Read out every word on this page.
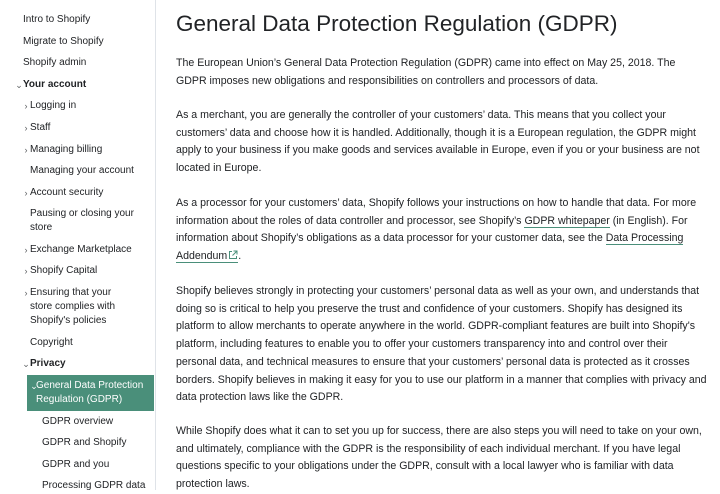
Intro to Shopify
Migrate to Shopify
Shopify admin
⌄ Your account
› Logging in
› Staff
› Managing billing
Managing your account
› Account security
Pausing or closing your store
› Exchange Marketplace
› Shopify Capital
› Ensuring that your store complies with Shopify's policies
Copyright
⌄ Privacy
⌄
General Data Protection Regulation (GDPR)
GDPR overview
GDPR and Shopify
GDPR and you
Processing GDPR data
General Data Protection Regulation (GDPR)

The European Union’s General Data Protection Regulation (GDPR) came into effect on May 25, 2018. The GDPR imposes new obligations and responsibilities on controllers and processors of data.

As a merchant, you are generally the controller of your customers’ data. This means that you collect your customers’ data and choose how it is handled. Additionally, though it is a European regulation, the GDPR might apply to your business if you make goods and services available in Europe, even if you or your business are not located in Europe.

As a processor for your customers’ data, Shopify follows your instructions on how to handle that data. For more information about the roles of data controller and processor, see Shopify’s GDPR whitepaper (in English). For information about Shopify’s obligations as a data processor for your customer data, see the Data Processing Addendum .

Shopify believes strongly in protecting your customers’ personal data as well as your own, and understands that doing so is critical to help you preserve the trust and confidence of your customers. Shopify has designed its platform to allow merchants to operate anywhere in the world. GDPR-compliant features are built into Shopify's platform, including features to enable you to offer your customers transparency into and control over their personal data, and technical measures to ensure that your customers’ personal data is protected as it crosses borders. Shopify believes in making it easy for you to use our platform in a manner that complies with privacy and data protection laws like the GDPR.

While Shopify does what it can to set you up for success, there are also steps you will need to take on your own, and ultimately, compliance with the GDPR is the responsibility of each individual merchant. If you have legal questions specific to your obligations under the GDPR, consult with a local lawyer who is familiar with data protection laws.
